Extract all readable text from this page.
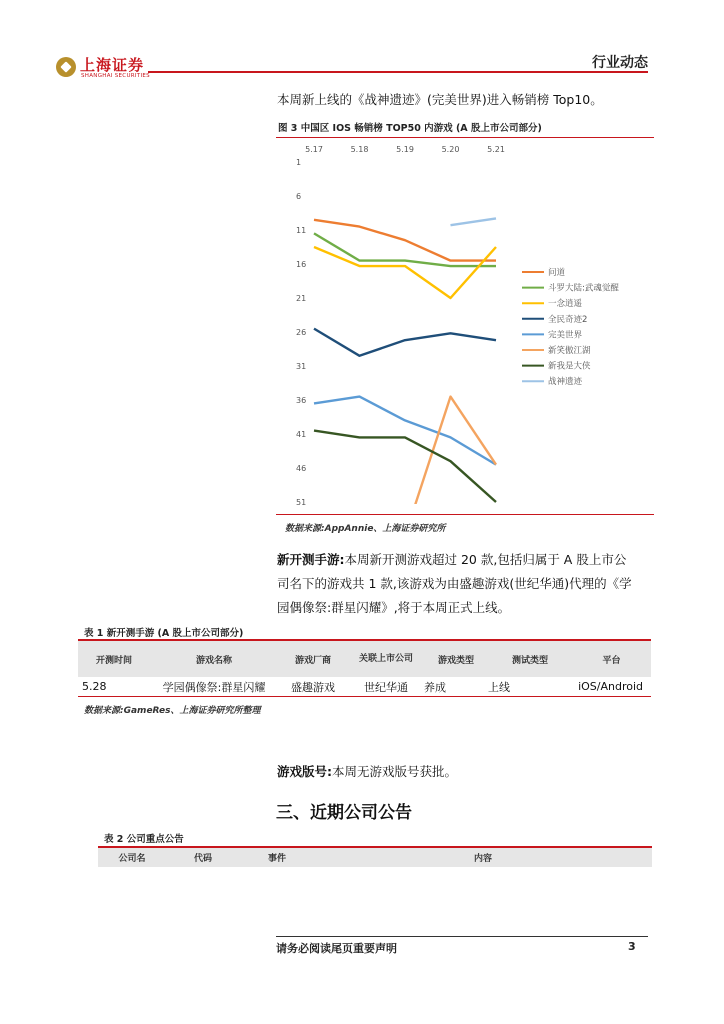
上海证券
SHANGHAI SECURITIES
行业动态
本周新上线的《战神遗迹》(完美世界)进入畅销榜 Top10。
图 3 中国区 IOS 畅销榜 TOP50 内游戏 (A 股上市公司部分)
5.17	5.18	5.19	5.20	5.21
1
6
11
16
21
26
31
36
41
46
51
问道
斗罗大陆:武魂觉醒
一念逍遥
全民奇迹2
完美世界
新笑傲江湖
新我是大侠
战神遗迹
数据来源:AppAnnie、上海证券研究所
新开测手游:本周新开测游戏超过 20 款,包括归属于 A 股上市公
司名下的游戏共 1 款,该游戏为由盛趣游戏(世纪华通)代理的《学
园偶像祭:群星闪耀》,将于本周正式上线。
表 1 新开测手游 (A 股上市公司部分)
开测时间	游戏名称	游戏厂商	关联上市公司	游戏类型	测试类型	平台
5.28	学园偶像祭:群星闪耀	盛趣游戏	世纪华通	养成	上线	iOS/Android
数据来源:GameRes、上海证券研究所整理
游戏版号:本周无游戏版号获批。
三、近期公司公告
表 2 公司重点公告
公司名	代码	事件	内容
请务必阅读尾页重要声明	3
